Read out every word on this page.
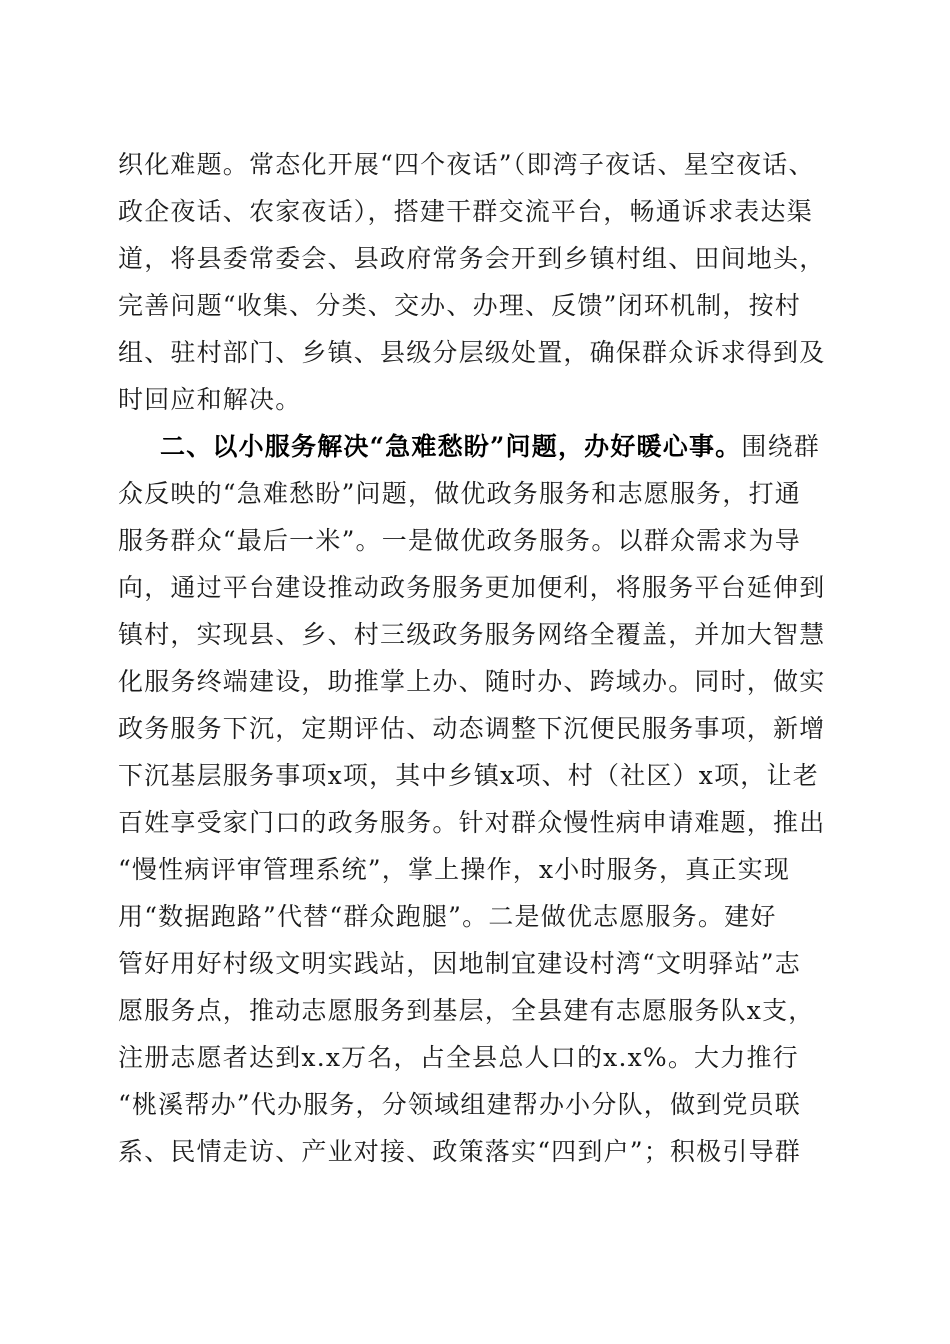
织化难题。常态化开展“四个夜话”（即湾子夜话、星空夜话、
政企夜话、农家夜话），搭建干群交流平台，畅通诉求表达渠
道，将县委常委会、县政府常务会开到乡镇村组、田间地头，
完善问题“收集、分类、交办、办理、反馈”闭环机制，按村
组、驻村部门、乡镇、县级分层级处置，确保群众诉求得到及
时回应和解决。
二、以小服务解决“急难愁盼”问题，办好暖心事。围绕群
众反映的“急难愁盼”问题，做优政务服务和志愿服务，打通
服务群众“最后一米”。一是做优政务服务。以群众需求为导
向，通过平台建设推动政务服务更加便利，将服务平台延伸到
镇村，实现县、乡、村三级政务服务网络全覆盖，并加大智慧
化服务终端建设，助推掌上办、随时办、跨域办。同时，做实
政务服务下沉，定期评估、动态调整下沉便民服务事项，新增
下沉基层服务事项x项，其中乡镇x项、村（社区）x项，让老
百姓享受家门口的政务服务。针对群众慢性病申请难题，推出
“慢性病评审管理系统”，掌上操作，x小时服务，真正实现
用“数据跑路”代替“群众跑腿”。二是做优志愿服务。建好
管好用好村级文明实践站，因地制宜建设村湾“文明驿站”志
愿服务点，推动志愿服务到基层，全县建有志愿服务队x支，
注册志愿者达到x.x万名，占全县总人口的x.x%。大力推行
“桃溪帮办”代办服务，分领域组建帮办小分队，做到党员联
系、民情走访、产业对接、政策落实“四到户”；积极引导群
